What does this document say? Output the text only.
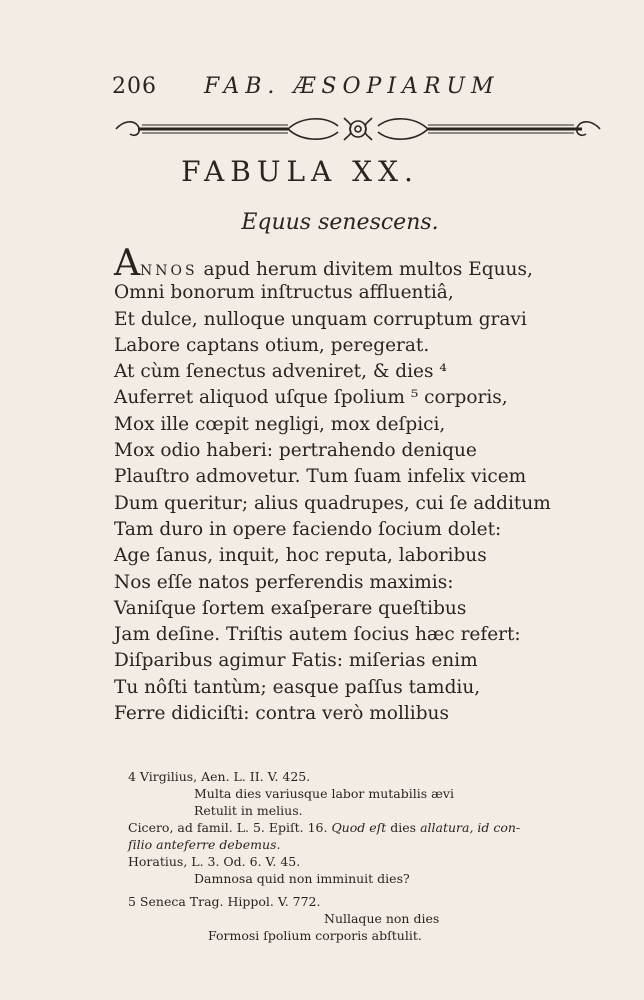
206 FAB. ÆSOPIARUM
FABULA XX.
Equus senescens.
ANNOS apud herum divitem multos Equus,
Omni bonorum inſtructus affluentiâ,
Et dulce, nulloque unquam corruptum gravi
Labore captans otium, peregerat.
At cùm ſenectus adveniret, & dies ⁴
Auferret aliquod uſque ſpolium ⁵ corporis,
Mox ille cœpit negligi, mox deſpici,
Mox odio haberi: pertrahendo denique
Plauſtro admovetur. Tum ſuam infelix vicem
Dum queritur; alius quadrupes, cui ſe additum
Tam duro in opere faciendo ſocium dolet:
Age ſanus, inquit, hoc reputa, laboribus
Nos eſſe natos perferendis maximis:
Vaniſque ſortem exaſperare queſtibus
Jam deſine. Triſtis autem ſocius hæc refert:
Diſparibus agimur Fatis: miſerias enim
Tu nôſti tantùm; easque paſſus tamdiu,
Ferre didiciſti: contra verò mollibus
4 Virgilius, Aen. L. II. V. 425.
Multa dies variusque labor mutabilis ævi
Retulit in melius.
Cicero, ad famil. L. 5. Epiſt. 16. Quod eſt dies allatura, id con-
ſilio anteferre debemus.
Horatius, L. 3. Od. 6. V. 45.
Damnosa quid non imminuit dies?
5 Seneca Trag. Hippol. V. 772.
Nullaque non dies
Formosi ſpolium corporis abſtulit.
